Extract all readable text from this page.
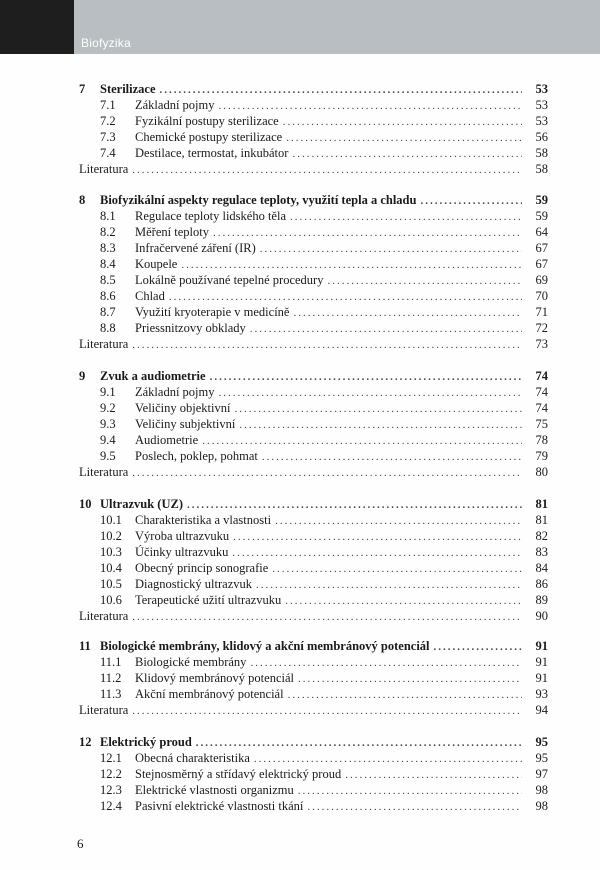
Biofyzika
7	Sterilizace .....	53
7.1	Základní pojmy .....	53
7.2	Fyzikální postupy sterilizace .....	53
7.3	Chemické postupy sterilizace .....	56
7.4	Destilace, termostat, inkubátor .....	58
Literatura .....	58
8	Biofyzikální aspekty regulace teploty, využití tepla a chladu .....	59
8.1	Regulace teploty lidského těla .....	59
8.2	Měření teploty .....	64
8.3	Infračervené záření (IR) .....	67
8.4	Koupele .....	67
8.5	Lokálně používané tepelné procedury .....	69
8.6	Chlad .....	70
8.7	Využití kryoterapie v medicíně .....	71
8.8	Priessnitzovy obklady .....	72
Literatura .....	73
9	Zvuk a audiometrie .....	74
9.1	Základní pojmy .....	74
9.2	Veličiny objektivní .....	74
9.3	Veličiny subjektivní .....	75
9.4	Audiometrie .....	78
9.5	Poslech, poklep, pohmat .....	79
Literatura .....	80
10 Ultrazvuk (UZ) .....	81
10.1	Charakteristika a vlastnosti .....	81
10.2	Výroba ultrazvuku .....	82
10.3	Účinky ultrazvuku .....	83
10.4	Obecný princip sonografie .....	84
10.5	Diagnostický ultrazvuk .....	86
10.6	Terapeutické užití ultrazvuku .....	89
Literatura .....	90
11 Biologické membrány, klidový a akční membránový potenciál .....	91
11.1	Biologické membrány .....	91
11.2	Klidový membránový potenciál .....	91
11.3	Akční membránový potenciál .....	93
Literatura .....	94
12 Elektrický proud .....	95
12.1	Obecná charakteristika .....	95
12.2	Stejnosměrný a střídavý elektrický proud .....	97
12.3	Elektrické vlastnosti organizmu .....	98
12.4	Pasivní elektrické vlastnosti tkání .....	98
6
